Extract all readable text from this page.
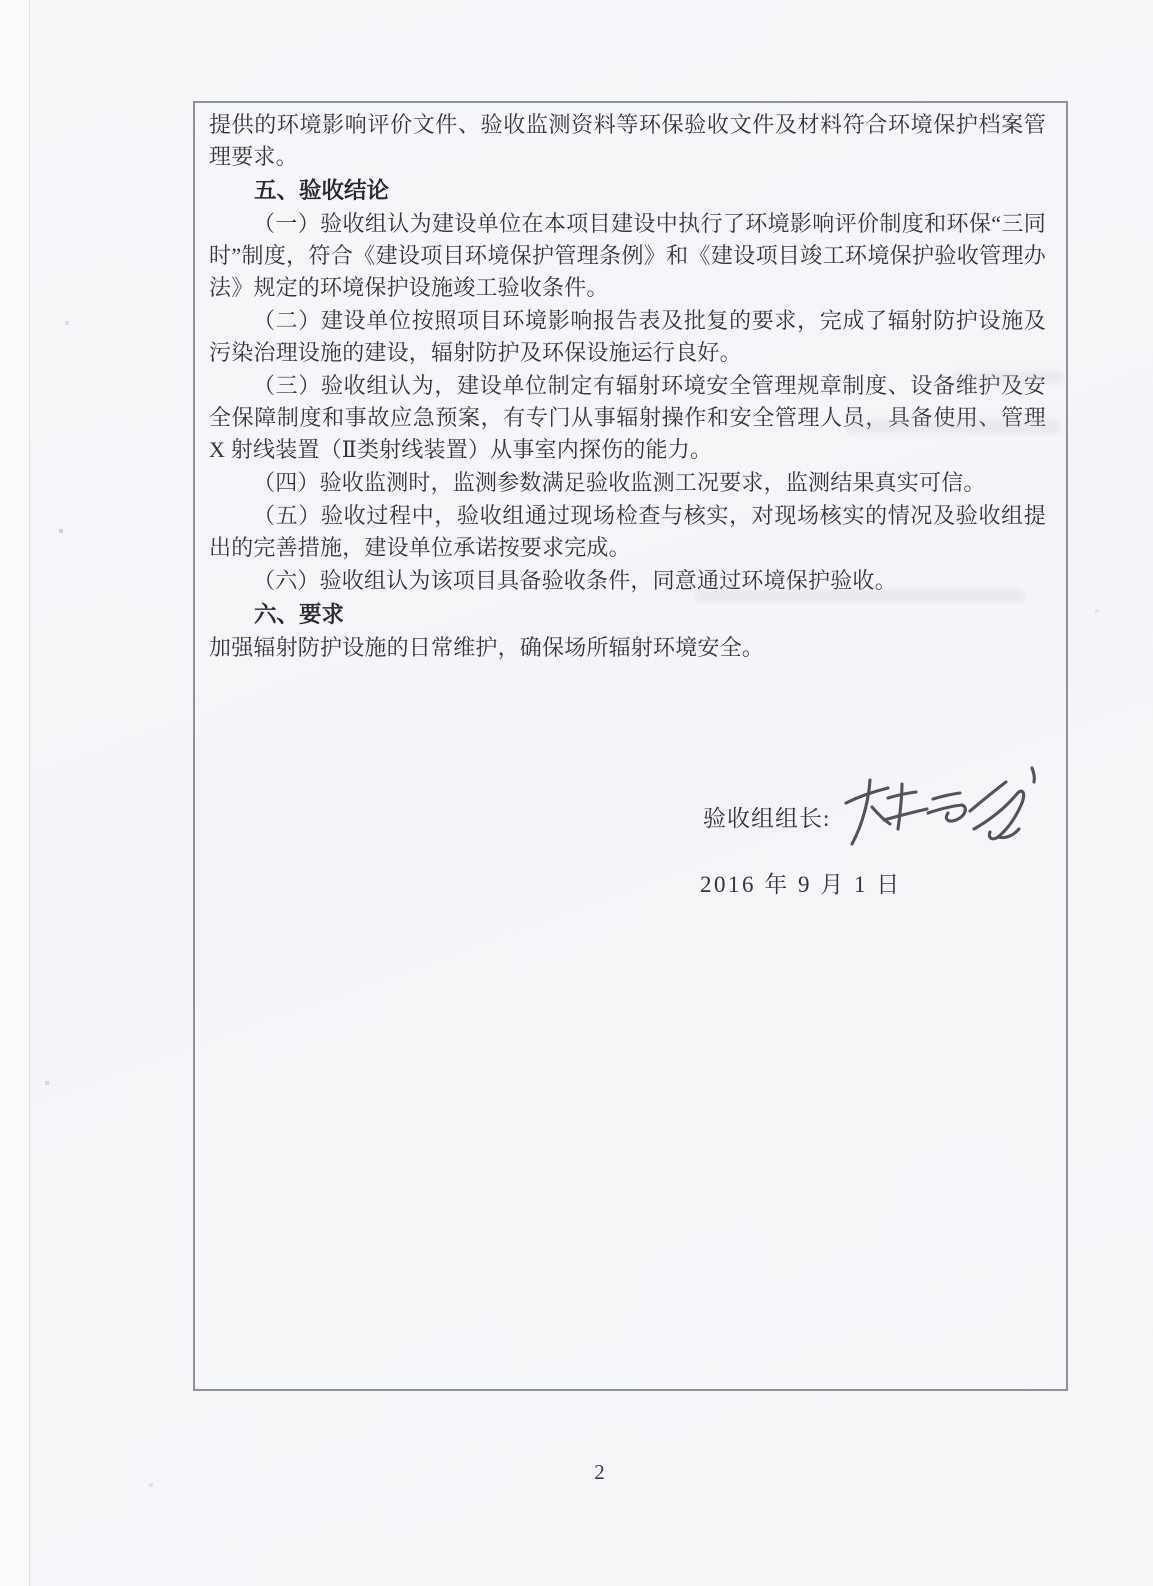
提供的环境影响评价文件、验收监测资料等环保验收文件及材料符合环境保护档案管理要求。

五、验收结论

（一）验收组认为建设单位在本项目建设中执行了环境影响评价制度和环保“三同时”制度，符合《建设项目环境保护管理条例》和《建设项目竣工环境保护验收管理办法》规定的环境保护设施竣工验收条件。

（二）建设单位按照项目环境影响报告表及批复的要求，完成了辐射防护设施及污染治理设施的建设，辐射防护及环保设施运行良好。

（三）验收组认为，建设单位制定有辐射环境安全管理规章制度、设备维护及安全保障制度和事故应急预案，有专门从事辐射操作和安全管理人员，具备使用、管理 X 射线装置（Ⅱ类射线装置）从事室内探伤的能力。

（四）验收监测时，监测参数满足验收监测工况要求，监测结果真实可信。

（五）验收过程中，验收组通过现场检查与核实，对现场核实的情况及验收组提出的完善措施，建设单位承诺按要求完成。

（六）验收组认为该项目具备验收条件，同意通过环境保护验收。

六、要求

加强辐射防护设施的日常维护，确保场所辐射环境安全。

验收组组长:
2016 年 9 月 1 日
2
